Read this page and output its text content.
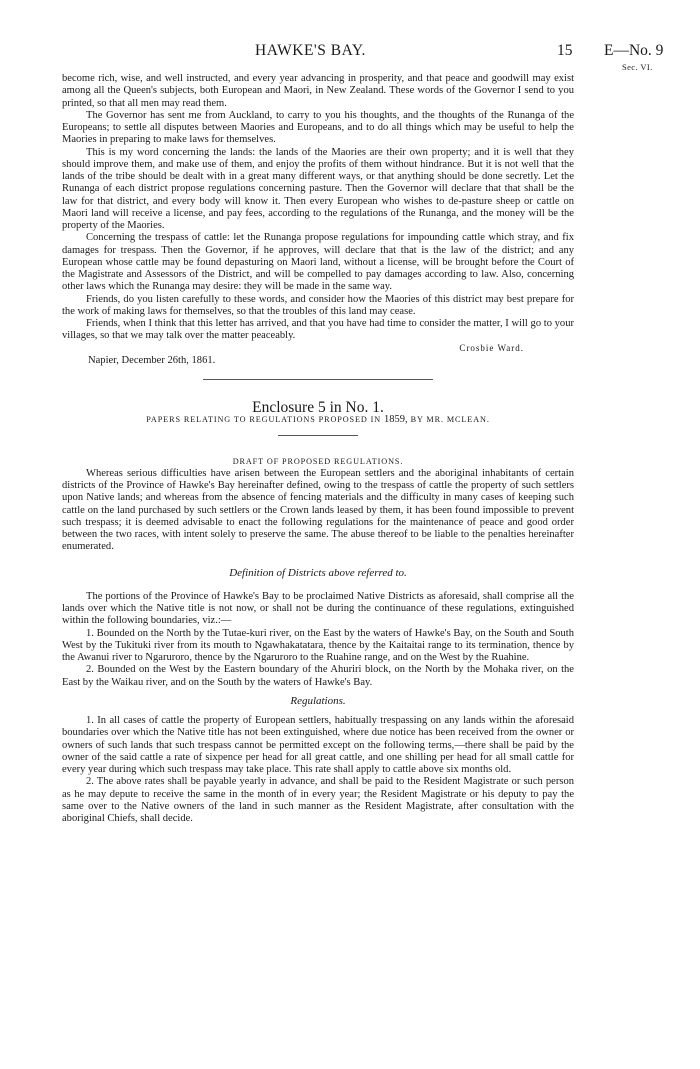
HAWKE'S BAY.	15 E—No. 9
Sec. VI.

become rich, wise, and well instructed, and every year advancing in prosperity, and that peace and goodwill may exist among all the Queen's subjects, both European and Maori, in New Zealand. These words of the Governor I send to you printed, so that all men may read them.

The Governor has sent me from Auckland, to carry to you his thoughts, and the thoughts of the Runanga of the Europeans; to settle all disputes between Maories and Europeans, and to do all things which may be useful to help the Maories in preparing to make laws for themselves.

This is my word concerning the lands: the lands of the Maories are their own property; and it is well that they should improve them, and make use of them, and enjoy the profits of them without hindrance. But it is not well that the lands of the tribe should be dealt with in a great many different ways, or that anything should be done secretly. Let the Runanga of each district propose regulations concerning pasture. Then the Governor will declare that that shall be the law for that district, and every body will know it. Then every European who wishes to de-pasture sheep or cattle on Maori land will receive a license, and pay fees, according to the regulations of the Runanga, and the money will be the property of the Maories.

Concerning the trespass of cattle: let the Runanga propose regulations for impounding cattle which stray, and fix damages for trespass. Then the Governor, if he approves, will declare that that is the law of the district; and any European whose cattle may be found depasturing on Maori land, without a license, will be brought before the Court of the Magistrate and Assessors of the District, and will be compelled to pay damages according to law. Also, concerning other laws which the Runanga may desire: they will be made in the same way.

Friends, do you listen carefully to these words, and consider how the Maories of this district may best prepare for the work of making laws for themselves, so that the troubles of this land may cease.

Friends, when I think that this letter has arrived, and that you have had time to consider the matter, I will go to your villages, so that we may talk over the matter peaceably.

Crosbie Ward.

Napier, December 26th, 1861.

Enclosure 5 in No. 1.

PAPERS RELATING TO REGULATIONS PROPOSED IN 1859, BY MR. MCLEAN.

DRAFT OF PROPOSED REGULATIONS.

Whereas serious difficulties have arisen between the European settlers and the aboriginal inhabitants of certain districts of the Province of Hawke's Bay hereinafter defined, owing to the trespass of cattle the property of such settlers upon Native lands; and whereas from the absence of fencing materials and the difficulty in many cases of keeping such cattle on the land purchased by such settlers or the Crown lands leased by them, it has been found impossible to prevent such trespass; it is deemed advisable to enact the following regulations for the maintenance of peace and good order between the two races, with intent solely to preserve the same. The abuse thereof to be liable to the penalties hereinafter enumerated.

Definition of Districts above referred to.

The portions of the Province of Hawke's Bay to be proclaimed Native Districts as aforesaid, shall comprise all the lands over which the Native title is not now, or shall not be during the continuance of these regulations, extinguished within the following boundaries, viz.:—

1. Bounded on the North by the Tutae-kuri river, on the East by the waters of Hawke's Bay, on the South and South West by the Tukituki river from its mouth to Ngawhakatatara, thence by the Kaitaitai range to its termination, thence by the Awanui river to Ngaruroro, thence by the Ngaruroro to the Ruahine range, and on the West by the Ruahine.

2. Bounded on the West by the Eastern boundary of the Ahuriri block, on the North by the Mohaka river, on the East by the Waikau river, and on the South by the waters of Hawke's Bay.

Regulations.

1. In all cases of cattle the property of European settlers, habitually trespassing on any lands within the aforesaid boundaries over which the Native title has not been extinguished, where due notice has been received from the owner or owners of such lands that such trespass cannot be permitted except on the following terms,—there shall be paid by the owner of the said cattle a rate of sixpence per head for all great cattle, and one shilling per head for all small cattle for every year during which such trespass may take place. This rate shall apply to cattle above six months old.

2. The above rates shall be payable yearly in advance, and shall be paid to the Resident Magistrate or such person as he may depute to receive the same in the month of in every year; the Resident Magistrate or his deputy to pay the same over to the Native owners of the land in such manner as the Resident Magistrate, after consultation with the aboriginal Chiefs, shall decide.
